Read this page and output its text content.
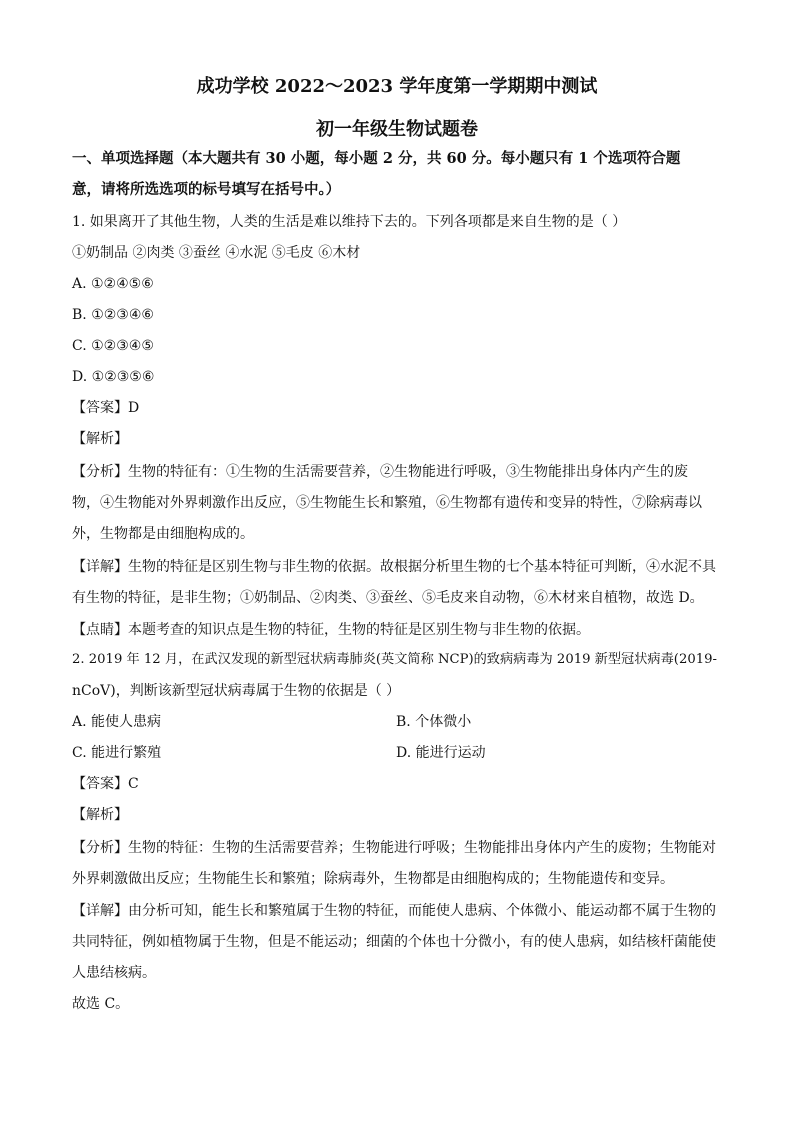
成功学校 2022～2023 学年度第一学期期中测试
初一年级生物试题卷
一、单项选择题（本大题共有 30 小题，每小题 2 分，共 60 分。每小题只有 1 个选项符合题
意，请将所选选项的标号填写在括号中。）
1. 如果离开了其他生物，人类的生活是难以维持下去的。下列各项都是来自生物的是（ ）
①奶制品 ②肉类 ③蚕丝 ④水泥 ⑤毛皮 ⑥木材
A. ①②④⑤⑥
B. ①②③④⑥
C. ①②③④⑤
D. ①②③⑤⑥
【答案】D
【解析】
【分析】生物的特征有：①生物的生活需要营养，②生物能进行呼吸，③生物能排出身体内产生的废
物，④生物能对外界刺激作出反应，⑤生物能生长和繁殖，⑥生物都有遗传和变异的特性，⑦除病毒以
外，生物都是由细胞构成的。
【详解】生物的特征是区别生物与非生物的依据。故根据分析里生物的七个基本特征可判断，④水泥不具
有生物的特征，是非生物；①奶制品、②肉类、③蚕丝、⑤毛皮来自动物，⑥木材来自植物，故选 D。
【点睛】本题考查的知识点是生物的特征，生物的特征是区别生物与非生物的依据。
2. 2019 年 12 月，在武汉发现的新型冠状病毒肺炎(英文简称 NCP)的致病病毒为 2019 新型冠状病毒(2019-
nCoV)，判断该新型冠状病毒属于生物的依据是（ ）
A. 能使人患病	B. 个体微小
C. 能进行繁殖	D. 能进行运动
【答案】C
【解析】
【分析】生物的特征：生物的生活需要营养；生物能进行呼吸；生物能排出身体内产生的废物；生物能对
外界刺激做出反应；生物能生长和繁殖；除病毒外，生物都是由细胞构成的；生物能遗传和变异。
【详解】由分析可知，能生长和繁殖属于生物的特征，而能使人患病、个体微小、能运动都不属于生物的
共同特征，例如植物属于生物，但是不能运动；细菌的个体也十分微小，有的使人患病，如结核杆菌能使
人患结核病。
故选 C。
